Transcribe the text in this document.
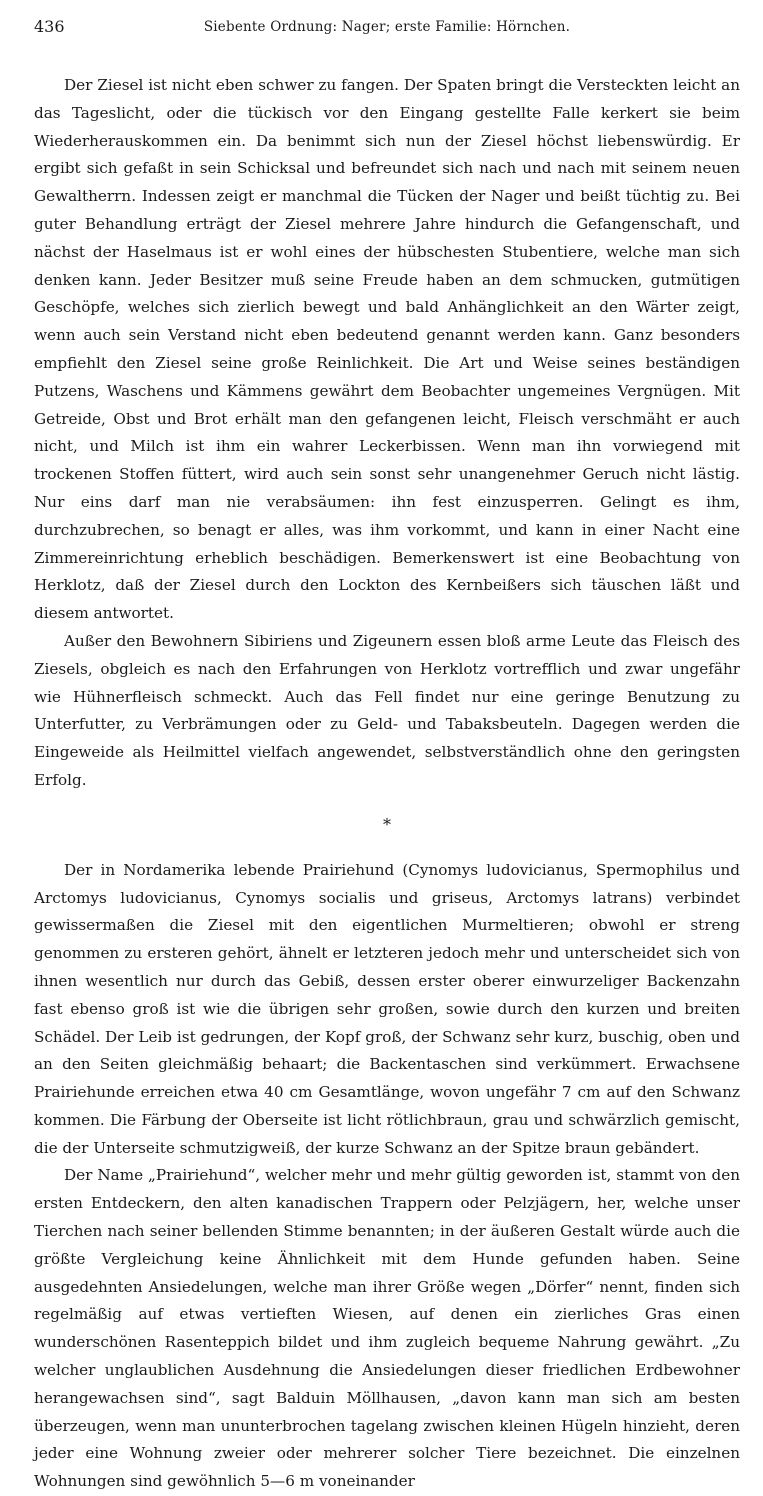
436	Siebente Ordnung: Nager; erste Familie: Hörnchen.

Der Ziesel ist nicht eben schwer zu fangen. Der Spaten bringt die Versteckten leicht an das Tageslicht, oder die tückisch vor den Eingang gestellte Falle kerkert sie beim Wiederherauskommen ein. Da benimmt sich nun der Ziesel höchst liebenswürdig. Er ergibt sich gefaßt in sein Schicksal und befreundet sich nach und nach mit seinem neuen Gewaltherrn. Indessen zeigt er manchmal die Tücken der Nager und beißt tüchtig zu. Bei guter Behandlung erträgt der Ziesel mehrere Jahre hindurch die Gefangenschaft, und nächst der Haselmaus ist er wohl eines der hübschesten Stubentiere, welche man sich denken kann. Jeder Besitzer muß seine Freude haben an dem schmucken, gutmütigen Geschöpfe, welches sich zierlich bewegt und bald Anhänglichkeit an den Wärter zeigt, wenn auch sein Verstand nicht eben bedeutend genannt werden kann. Ganz besonders empfiehlt den Ziesel seine große Reinlichkeit. Die Art und Weise seines beständigen Putzens, Waschens und Kämmens gewährt dem Beobachter ungemeines Vergnügen. Mit Getreide, Obst und Brot erhält man den gefangenen leicht, Fleisch verschmäht er auch nicht, und Milch ist ihm ein wahrer Leckerbissen. Wenn man ihn vorwiegend mit trockenen Stoffen füttert, wird auch sein sonst sehr unangenehmer Geruch nicht lästig. Nur eins darf man nie verabsäumen: ihn fest einzusperren. Gelingt es ihm, durchzubrechen, so benagt er alles, was ihm vorkommt, und kann in einer Nacht eine Zimmereinrichtung erheblich beschädigen. Bemerkenswert ist eine Beobachtung von Herklotz, daß der Ziesel durch den Lockton des Kernbeißers sich täuschen läßt und diesem antwortet.

Außer den Bewohnern Sibiriens und Zigeunern essen bloß arme Leute das Fleisch des Ziesels, obgleich es nach den Erfahrungen von Herklotz vortrefflich und zwar ungefähr wie Hühnerfleisch schmeckt. Auch das Fell findet nur eine geringe Benutzung zu Unterfutter, zu Verbrämungen oder zu Geld- und Tabaksbeuteln. Dagegen werden die Eingeweide als Heilmittel vielfach angewendet, selbstverständlich ohne den geringsten Erfolg.

*

Der in Nordamerika lebende Prairiehund (Cynomys ludovicianus, Spermophilus und Arctomys ludovicianus, Cynomys socialis und griseus, Arctomys latrans) verbindet gewissermaßen die Ziesel mit den eigentlichen Murmeltieren; obwohl er streng genommen zu ersteren gehört, ähnelt er letzteren jedoch mehr und unterscheidet sich von ihnen wesentlich nur durch das Gebiß, dessen erster oberer einwurzeliger Backenzahn fast ebenso groß ist wie die übrigen sehr großen, sowie durch den kurzen und breiten Schädel. Der Leib ist gedrungen, der Kopf groß, der Schwanz sehr kurz, buschig, oben und an den Seiten gleichmäßig behaart; die Backentaschen sind verkümmert. Erwachsene Prairiehunde erreichen etwa 40 cm Gesamtlänge, wovon ungefähr 7 cm auf den Schwanz kommen. Die Färbung der Oberseite ist licht rötlichbraun, grau und schwärzlich gemischt, die der Unterseite schmutzigweiß, der kurze Schwanz an der Spitze braun gebändert.

Der Name „Prairiehund“, welcher mehr und mehr gültig geworden ist, stammt von den ersten Entdeckern, den alten kanadischen Trappern oder Pelzjägern, her, welche unser Tierchen nach seiner bellenden Stimme benannten; in der äußeren Gestalt würde auch die größte Vergleichung keine Ähnlichkeit mit dem Hunde gefunden haben. Seine ausgedehnten Ansiedelungen, welche man ihrer Größe wegen „Dörfer“ nennt, finden sich regelmäßig auf etwas vertieften Wiesen, auf denen ein zierliches Gras einen wunderschönen Rasenteppich bildet und ihm zugleich bequeme Nahrung gewährt. „Zu welcher unglaublichen Ausdehnung die Ansiedelungen dieser friedlichen Erdbewohner herangewachsen sind“, sagt Balduin Möllhausen, „davon kann man sich am besten überzeugen, wenn man ununterbrochen tagelang zwischen kleinen Hügeln hinzieht, deren jeder eine Wohnung zweier oder mehrerer solcher Tiere bezeichnet. Die einzelnen Wohnungen sind gewöhnlich 5—6 m voneinander
